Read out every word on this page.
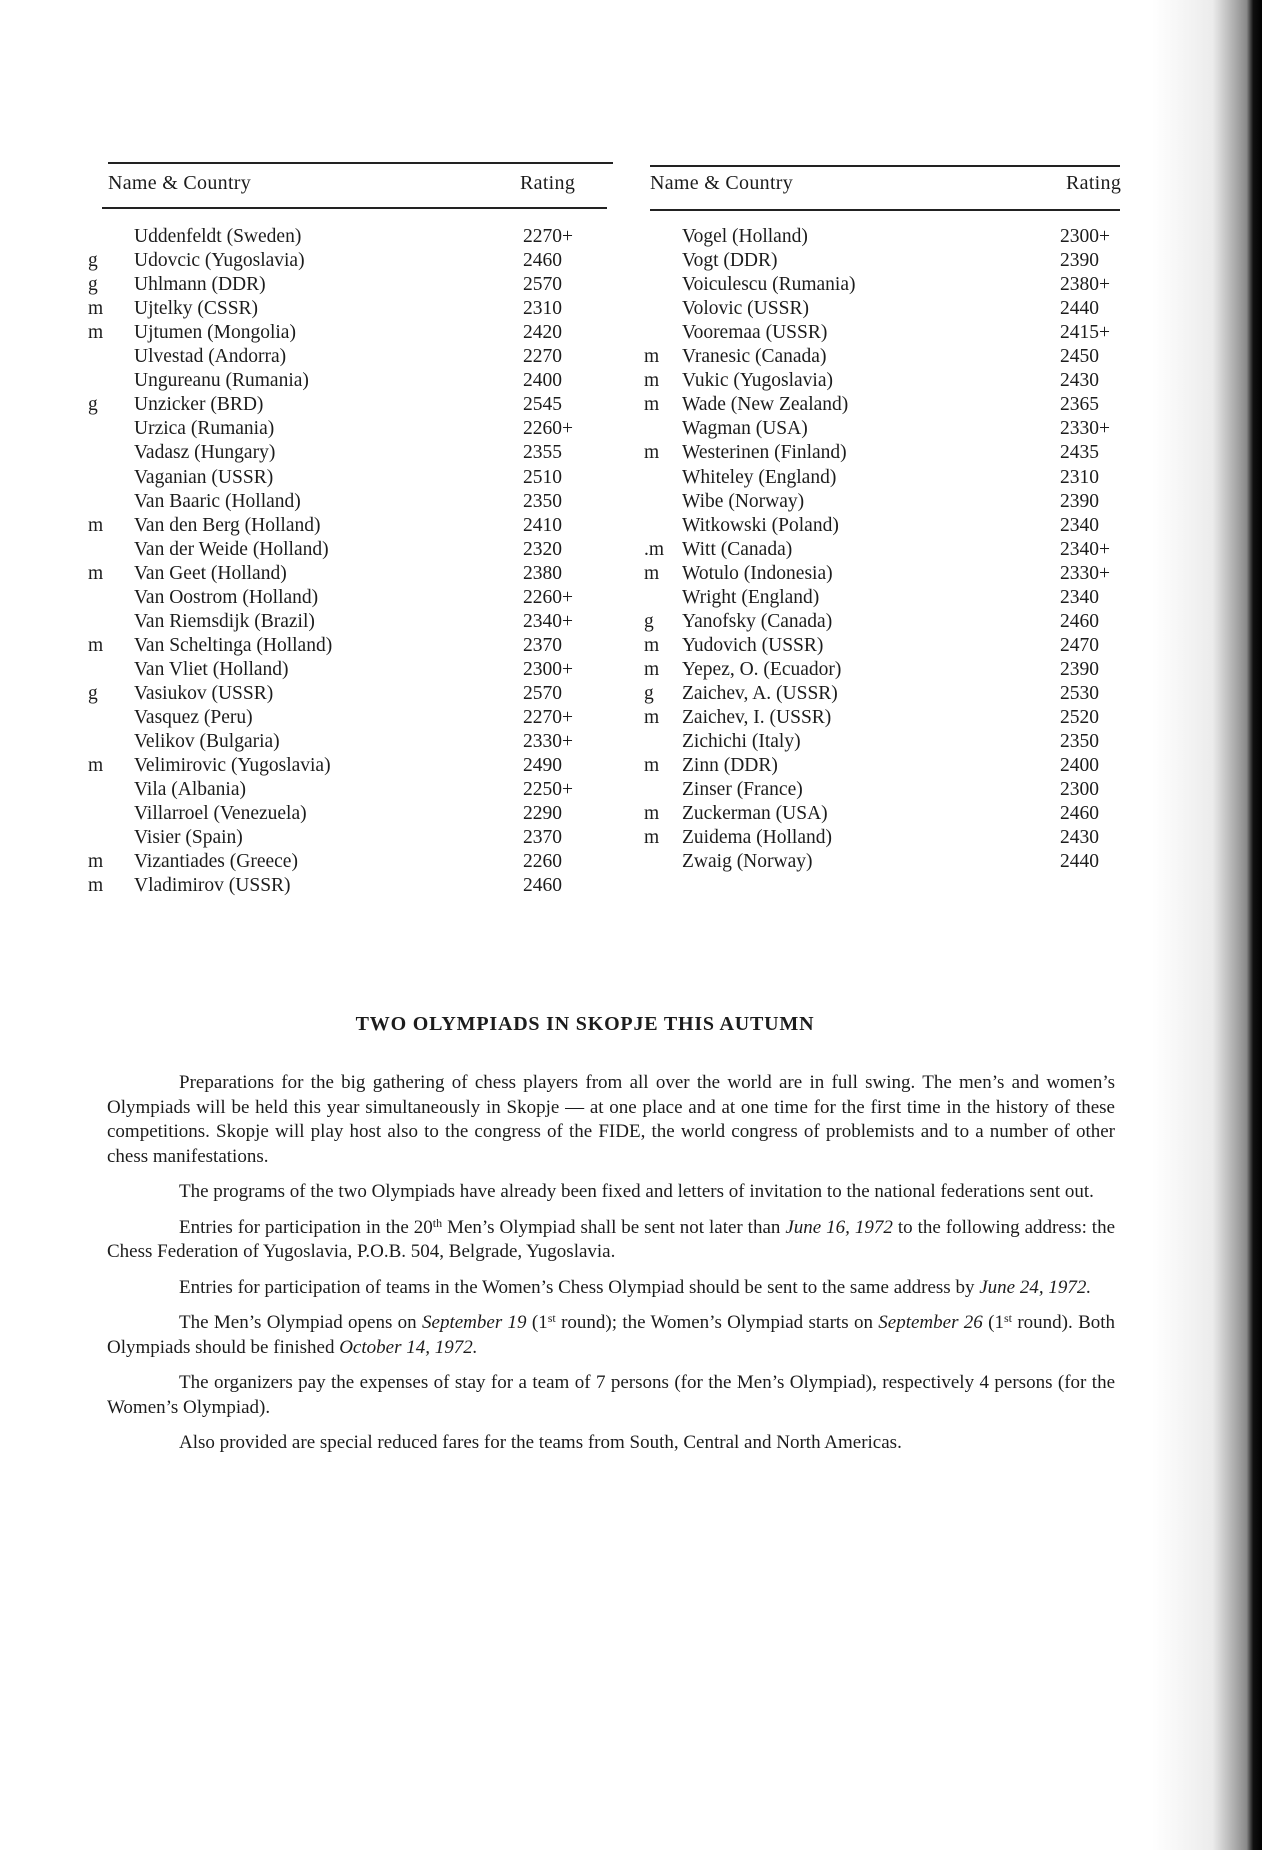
Name & Country	Rating
Uddenfeldt (Sweden)	2270+
g	Udovcic (Yugoslavia)	2460
g	Uhlmann (DDR)	2570
m	Ujtelky (CSSR)	2310
m	Ujtumen (Mongolia)	2420
Ulvestad (Andorra)	2270
Ungureanu (Rumania)	2400
g	Unzicker (BRD)	2545
Urzica (Rumania)	2260+
Vadasz (Hungary)	2355
Vaganian (USSR)	2510
Van Baaric (Holland)	2350
m	Van den Berg (Holland)	2410
Van der Weide (Holland)	2320
m	Van Geet (Holland)	2380
Van Oostrom (Holland)	2260+
Van Riemsdijk (Brazil)	2340+
m	Van Scheltinga (Holland)	2370
Van Vliet (Holland)	2300+
g	Vasiukov (USSR)	2570
Vasquez (Peru)	2270+
Velikov (Bulgaria)	2330+
m	Velimirovic (Yugoslavia)	2490
Vila (Albania)	2250+
Villarroel (Venezuela)	2290
Visier (Spain)	2370
m	Vizantiades (Greece)	2260
m	Vladimirov (USSR)	2460
Name & Country	Rating
Vogel (Holland)	2300+
Vogt (DDR)	2390
Voiculescu (Rumania)	2380+
Volovic (USSR)	2440
Vooremaa (USSR)	2415+
m	Vranesic (Canada)	2450
m	Vukic (Yugoslavia)	2430
m	Wade (New Zealand)	2365
Wagman (USA)	2330+
m	Westerinen (Finland)	2435
Whiteley (England)	2310
Wibe (Norway)	2390
Witkowski (Poland)	2340
.m Witt (Canada)	2340+
m	Wotulo (Indonesia)	2330+
Wright (England)	2340
g	Yanofsky (Canada)	2460
m	Yudovich (USSR)	2470
m	Yepez, O. (Ecuador)	2390
g	Zaichev, A. (USSR)	2530
m	Zaichev, I. (USSR)	2520
Zichichi (Italy)	2350
m	Zinn (DDR)	2400
Zinser (France)	2300
m	Zuckerman (USA)	2460
m	Zuidema (Holland)	2430
Zwaig (Norway)	2440
TWO OLYMPIADS IN SKOPJE THIS AUTUMN

Preparations for the big gathering of chess players from all over the world are in full swing. The men’s and women’s Olympiads will be held this year simultaneously in Skopje — at one place and at one time for the first time in the history of these competitions. Skopje will play host also to the congress of the FIDE, the world congress of problemists and to a number of other chess manifestations.

The programs of the two Olympiads have already been fixed and letters of invitation to the national federations sent out.

Entries for participation in the 20th Men’s Olympiad shall be sent not later than June 16, 1972 to the following address: the Chess Federation of Yugoslavia, P.O.B. 504, Belgrade, Yugoslavia.

Entries for participation of teams in the Women’s Chess Olympiad should be sent to the same address by June 24, 1972.

The Men’s Olympiad opens on September 19 (1st round); the Women’s Olympiad starts on September 26 (1st round). Both Olympiads should be finished October 14, 1972.

The organizers pay the expenses of stay for a team of 7 persons (for the Men’s Olympiad), respectively 4 persons (for the Women’s Olympiad).

Also provided are special reduced fares for the teams from South, Central and North Americas.
